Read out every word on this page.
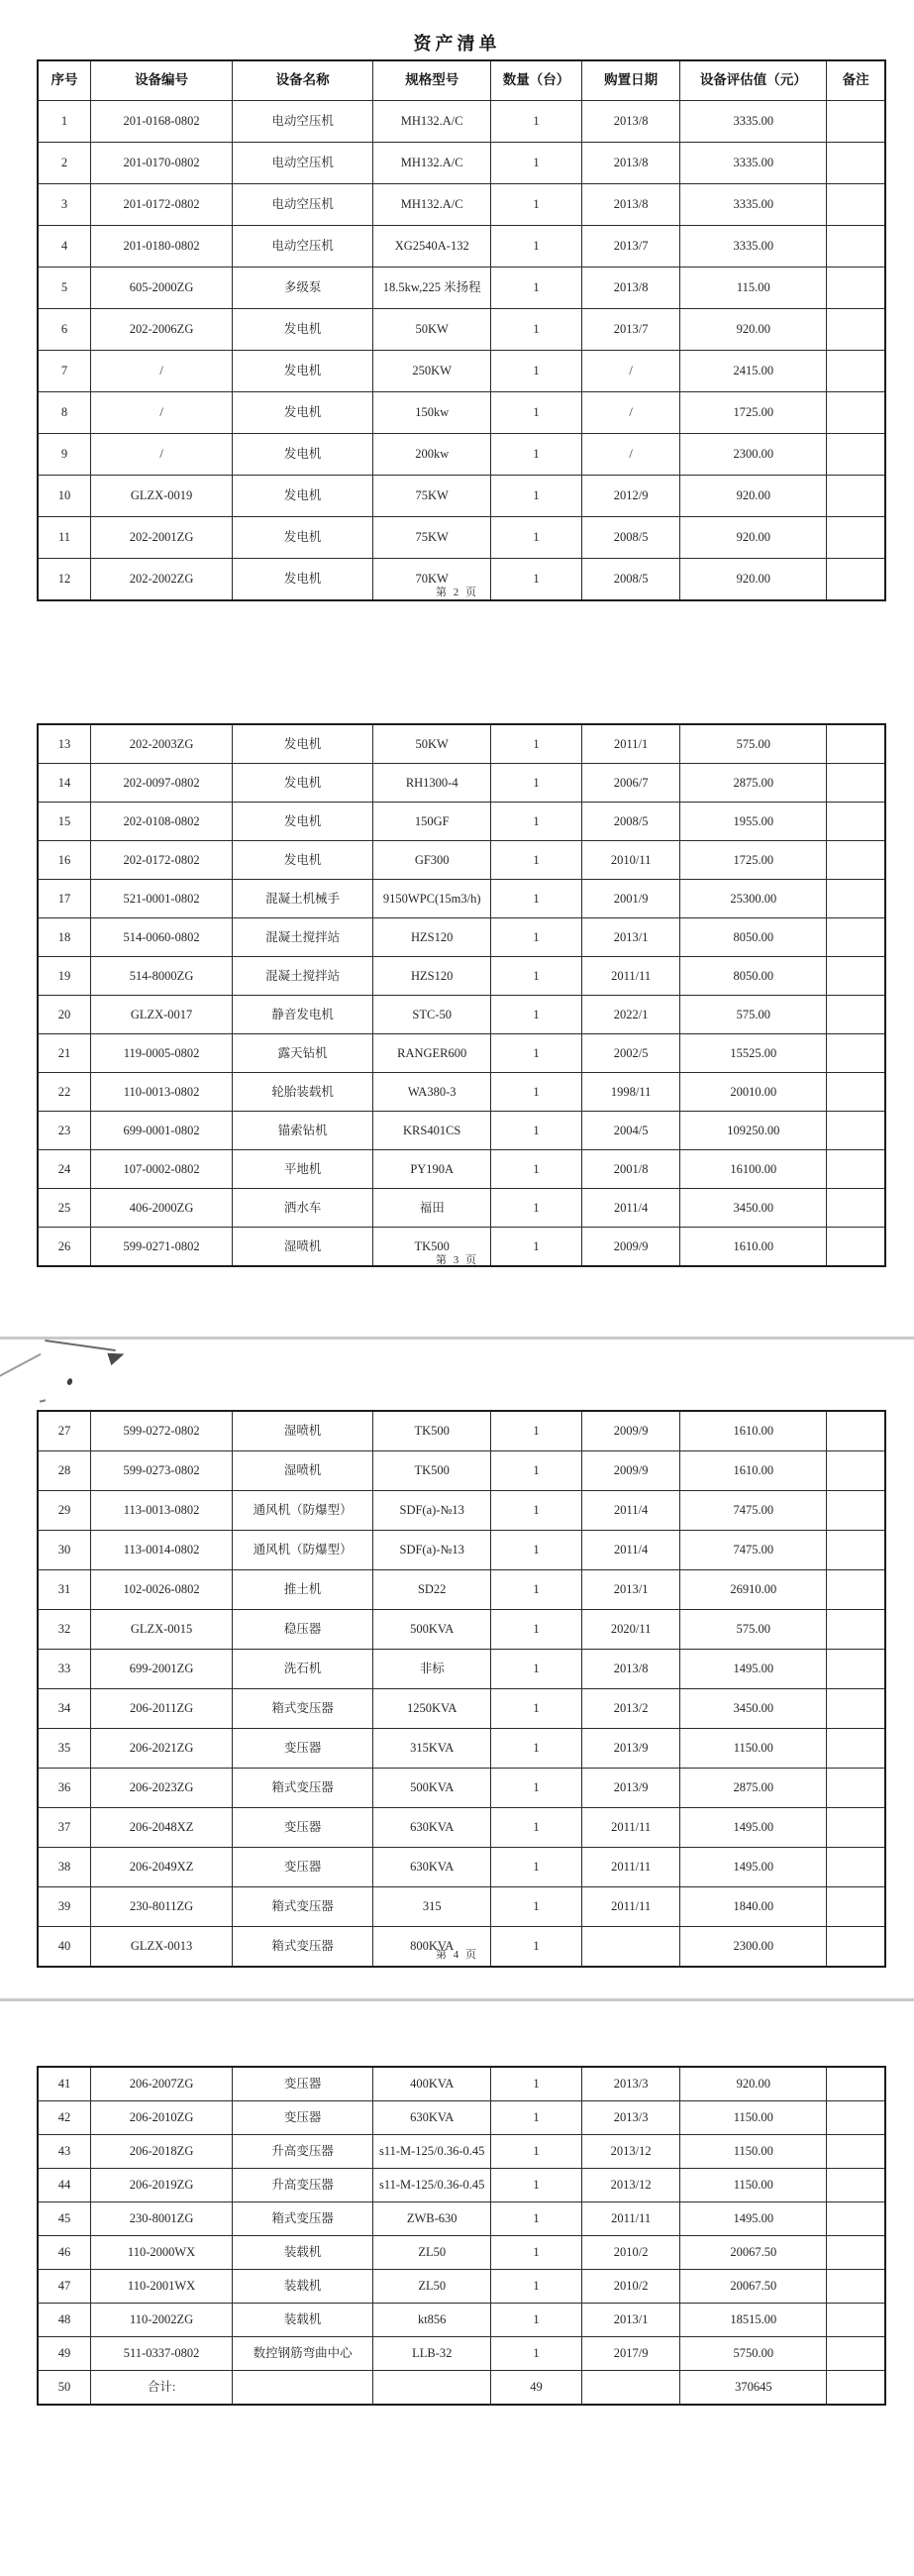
资产清单
序号	设备编号	设备名称	规格型号	数量（台）	购置日期	设备评估值（元）	备注
1	201-0168-0802	电动空压机	MH132.A/C	1	2013/8	3335.00	
2	201-0170-0802	电动空压机	MH132.A/C	1	2013/8	3335.00	
3	201-0172-0802	电动空压机	MH132.A/C	1	2013/8	3335.00	
4	201-0180-0802	电动空压机	XG2540A-132	1	2013/7	3335.00	
5	605-2000ZG	多级泵	18.5kw,225 米扬程	1	2013/8	115.00	
6	202-2006ZG	发电机	50KW	1	2013/7	920.00	
7	/	发电机	250KW	1	/	2415.00	
8	/	发电机	150kw	1	/	1725.00	
9	/	发电机	200kw	1	/	2300.00	
10	GLZX-0019	发电机	75KW	1	2012/9	920.00	
11	202-2001ZG	发电机	75KW	1	2008/5	920.00	
12	202-2002ZG	发电机	70KW	1	2008/5	920.00	
第 2 页
13	202-2003ZG	发电机	50KW	1	2011/1	575.00	
14	202-0097-0802	发电机	RH1300-4	1	2006/7	2875.00	
15	202-0108-0802	发电机	150GF	1	2008/5	1955.00	
16	202-0172-0802	发电机	GF300	1	2010/11	1725.00	
17	521-0001-0802	混凝土机械手	9150WPC(15m3/h)	1	2001/9	25300.00	
18	514-0060-0802	混凝土搅拌站	HZS120	1	2013/1	8050.00	
19	514-8000ZG	混凝土搅拌站	HZS120	1	2011/11	8050.00	
20	GLZX-0017	静音发电机	STC-50	1	2022/1	575.00	
21	119-0005-0802	露天钻机	RANGER600	1	2002/5	15525.00	
22	110-0013-0802	轮胎装载机	WA380-3	1	1998/11	20010.00	
23	699-0001-0802	锚索钻机	KRS401CS	1	2004/5	109250.00	
24	107-0002-0802	平地机	PY190A	1	2001/8	16100.00	
25	406-2000ZG	洒水车	福田	1	2011/4	3450.00	
26	599-0271-0802	湿喷机	TK500	1	2009/9	1610.00	
第 3 页
27	599-0272-0802	湿喷机	TK500	1	2009/9	1610.00	
28	599-0273-0802	湿喷机	TK500	1	2009/9	1610.00	
29	113-0013-0802	通风机（防爆型）	SDF(a)-№13	1	2011/4	7475.00	
30	113-0014-0802	通风机（防爆型）	SDF(a)-№13	1	2011/4	7475.00	
31	102-0026-0802	推土机	SD22	1	2013/1	26910.00	
32	GLZX-0015	稳压器	500KVA	1	2020/11	575.00	
33	699-2001ZG	洗石机	非标	1	2013/8	1495.00	
34	206-2011ZG	箱式变压器	1250KVA	1	2013/2	3450.00	
35	206-2021ZG	变压器	315KVA	1	2013/9	1150.00	
36	206-2023ZG	箱式变压器	500KVA	1	2013/9	2875.00	
37	206-2048XZ	变压器	630KVA	1	2011/11	1495.00	
38	206-2049XZ	变压器	630KVA	1	2011/11	1495.00	
39	230-8011ZG	箱式变压器	315	1	2011/11	1840.00	
40	GLZX-0013	箱式变压器	800KVA	1		2300.00	
第 4 页
41	206-2007ZG	变压器	400KVA	1	2013/3	920.00	
42	206-2010ZG	变压器	630KVA	1	2013/3	1150.00	
43	206-2018ZG	升高变压器	s11-M-125/0.36-0.45	1	2013/12	1150.00	
44	206-2019ZG	升高变压器	s11-M-125/0.36-0.45	1	2013/12	1150.00	
45	230-8001ZG	箱式变压器	ZWB-630	1	2011/11	1495.00	
46	110-2000WX	装载机	ZL50	1	2010/2	20067.50	
47	110-2001WX	装载机	ZL50	1	2010/2	20067.50	
48	110-2002ZG	装载机	kt856	1	2013/1	18515.00	
49	511-0337-0802	数控钢筋弯曲中心	LLB-32	1	2017/9	5750.00	
50	合计:			49		370645	
